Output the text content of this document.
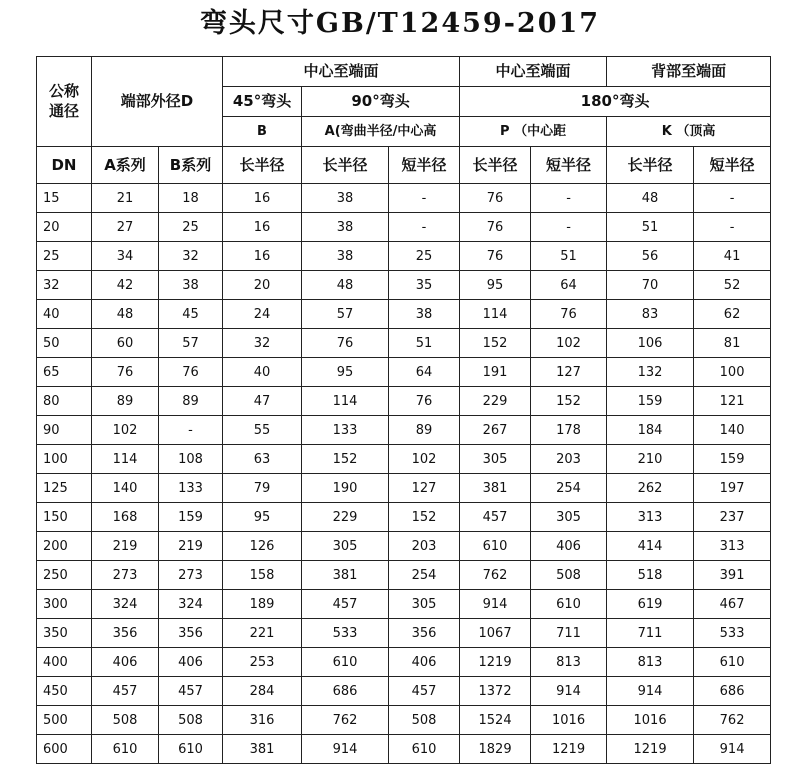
弯头尺寸GB/T12459-2017
公称
通径	端部外径D		中心至端面			中心至端面		背部至端面	
			45°弯头	90°弯头		180°弯头			
			B	A(弯曲半径/中心高		P （中心距		K （顶高	
DN	A系列	B系列	长半径	长半径	短半径	长半径	短半径	长半径	短半径
15	21	18	16	38	-	76	-	48	-
20	27	25	16	38	-	76	-	51	-
25	34	32	16	38	25	76	51	56	41
32	42	38	20	48	35	95	64	70	52
40	48	45	24	57	38	114	76	83	62
50	60	57	32	76	51	152	102	106	81
65	76	76	40	95	64	191	127	132	100
80	89	89	47	114	76	229	152	159	121
90	102	-	55	133	89	267	178	184	140
100	114	108	63	152	102	305	203	210	159
125	140	133	79	190	127	381	254	262	197
150	168	159	95	229	152	457	305	313	237
200	219	219	126	305	203	610	406	414	313
250	273	273	158	381	254	762	508	518	391
300	324	324	189	457	305	914	610	619	467
350	356	356	221	533	356	1067	711	711	533
400	406	406	253	610	406	1219	813	813	610
450	457	457	284	686	457	1372	914	914	686
500	508	508	316	762	508	1524	1016	1016	762
600	610	610	381	914	610	1829	1219	1219	914
